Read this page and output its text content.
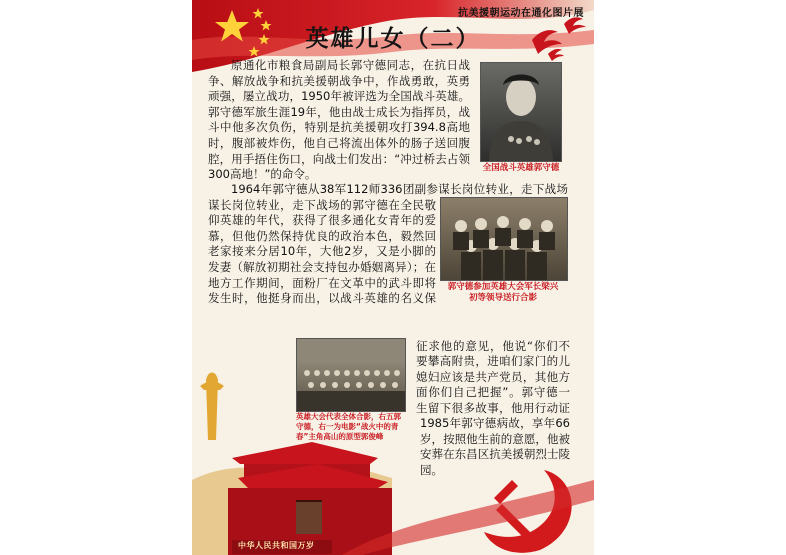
抗美援朝运动在通化图片展
英雄儿女（二）
全国战斗英雄郭守德

原通化市粮食局副局长郭守德同志，在抗日战争、解放战争和抗美援朝战争中，作战勇敢，英勇顽强，屡立战功，1950年被评选为全国战斗英雄。郭守德军旅生涯19年，他由战士成长为指挥员，战斗中他多次负伤，特别是抗美援朝攻打394.8高地时，腹部被炸伤，他自己将流出体外的肠子送回腹腔，用手捂住伤口，向战士们发出：“冲过桥去占领300高地！”的命令。

郭守德参加英雄大会军长梁兴初等领导送行合影

1964年郭守德从38军112师336团副参谋长岗位转业，走下战场

谋长岗位转业，走下战场的郭守德在全民敬仰英雄的年代，获得了很多通化女青年的爱慕，但他仍然保持优良的政治本色，毅然回老家接来分居10年，大他2岁，又是小脚的发妻（解放初期社会支持包办婚姻离异）；在地方工作期间，面粉厂在文革中的武斗即将发生时，他挺身而出，以战斗英雄的名义保

英雄大会代表全体合影，右五郭守德，右一为电影“战火中的青春”主角高山的原型郭俊峰

征求他的意见，他说“你们不要攀高附贵，进咱们家门的儿媳妇应该是共产党员，其他方面你们自己把握”。郭守德一生留下很多故事，他用行动证

1985年郭守德病故，享年66岁，按照他生前的意愿，他被安葬在东昌区抗美援朝烈士陵园。

中华人民共和国万岁
